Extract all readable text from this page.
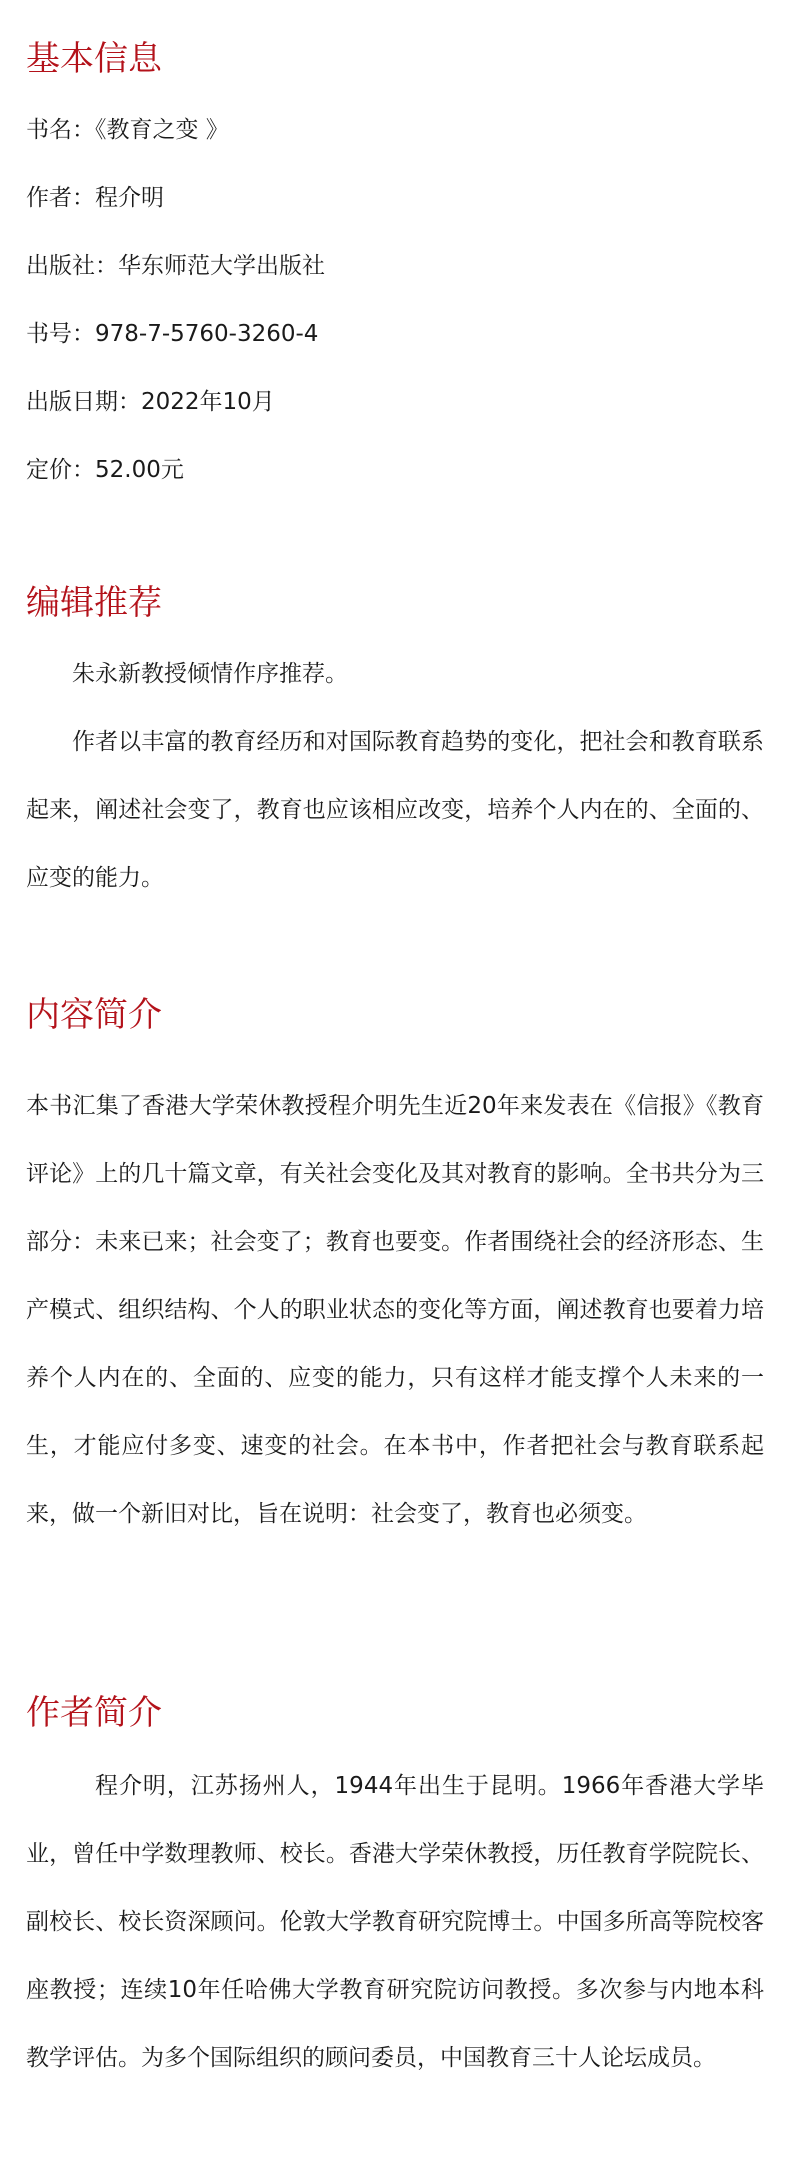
基本信息

书名：《教育之变 》

作者：程介明

出版社：华东师范大学出版社

书号：978-7-5760-3260-4

出版日期：2022年10月

定价：52.00元

编辑推荐

朱永新教授倾情作序推荐。

作者以丰富的教育经历和对国际教育趋势的变化，把社会和教育联系起来，阐述社会变了，教育也应该相应改变，培养个人内在的、全面的、应变的能力。

内容简介

本书汇集了香港大学荣休教授程介明先生近20年来发表在《信报》《教育评论》上的几十篇文章，有关社会变化及其对教育的影响。全书共分为三部分：未来已来；社会变了；教育也要变。作者围绕社会的经济形态、生产模式、组织结构、个人的职业状态的变化等方面，阐述教育也要着力培养个人内在的、全面的、应变的能力，只有这样才能支撑个人未来的一生，才能应付多变、速变的社会。在本书中，作者把社会与教育联系起来，做一个新旧对比，旨在说明：社会变了，教育也必须变。

作者简介

程介明，江苏扬州人，1944年出生于昆明。1966年香港大学毕业，曾任中学数理教师、校长。香港大学荣休教授，历任教育学院院长、副校长、校长资深顾问。伦敦大学教育研究院博士。中国多所高等院校客座教授；连续10年任哈佛大学教育研究院访问教授。多次参与内地本科教学评估。为多个国际组织的顾问委员，中国教育三十人论坛成员。
